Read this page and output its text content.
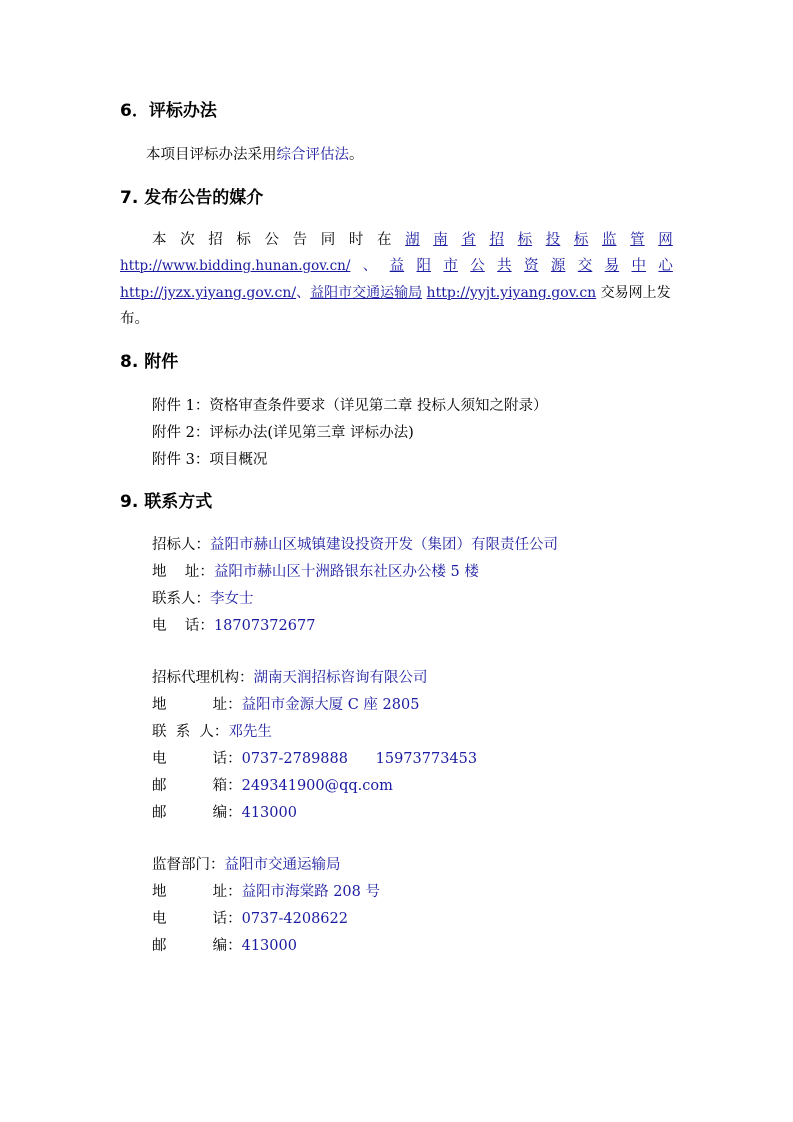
6．评标办法
本项目评标办法采用综合评估法。
7. 发布公告的媒介
本 次 招 标 公 告 同 时 在 湖 南 省 招 标 投 标 监 管 网
http://www.bidding.hunan.gov.cn/ 、 益 阳 市 公 共 资 源 交 易 中 心
http://jyzx.yiyang.gov.cn/、益阳市交通运输局 http://yyjt.yiyang.gov.cn 交易网上发
布。
8. 附件
附件 1：资格审查条件要求（详见第二章 投标人须知之附录）
附件 2：评标办法(详见第三章 评标办法)
附件 3：项目概况
9. 联系方式
招标人：益阳市赫山区城镇建设投资开发（集团）有限责任公司
地    址：益阳市赫山区十洲路银东社区办公楼 5 楼
联系人：李女士
电    话：18707372677
招标代理机构：湖南天润招标咨询有限公司
地          址：益阳市金源大厦 C 座 2805
联  系  人：邓先生
电          话：0737-2789888      15973773453
邮          箱：249341900@qq.com
邮          编：413000
监督部门：益阳市交通运输局
地          址：益阳市海棠路 208 号
电          话：0737-4208622
邮          编：413000
